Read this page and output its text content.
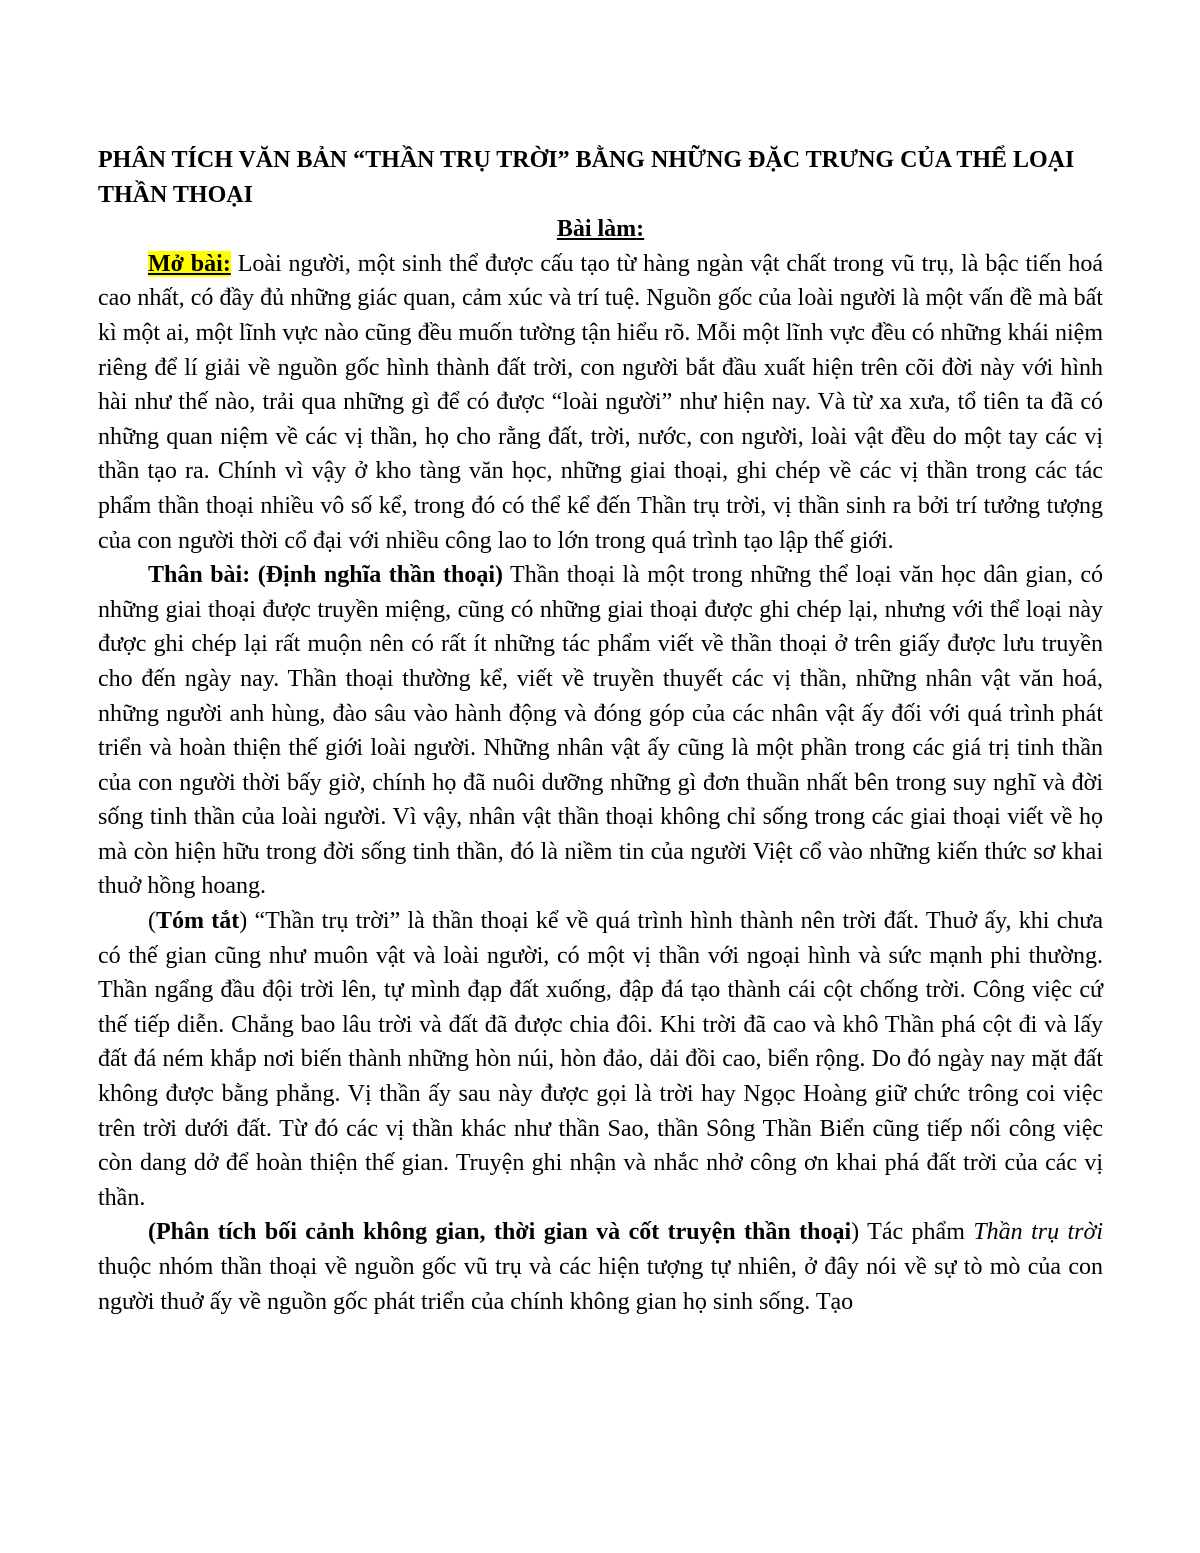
PHÂN TÍCH VĂN BẢN “THẦN TRỤ TRỜI” BẰNG NHỮNG ĐẶC TRƯNG CỦA THỂ LOẠI THẦN THOẠI
Bài làm:

Mở bài: Loài người, một sinh thể được cấu tạo từ hàng ngàn vật chất trong vũ trụ, là bậc tiến hoá cao nhất, có đầy đủ những giác quan, cảm xúc và trí tuệ. Nguồn gốc của loài người là một vấn đề mà bất kì một ai, một lĩnh vực nào cũng đều muốn tường tận hiểu rõ. Mỗi một lĩnh vực đều có những khái niệm riêng để lí giải về nguồn gốc hình thành đất trời, con người bắt đầu xuất hiện trên cõi đời này với hình hài như thế nào, trải qua những gì để có được “loài người” như hiện nay. Và từ xa xưa, tổ tiên ta đã có những quan niệm về các vị thần, họ cho rằng đất, trời, nước, con người, loài vật đều do một tay các vị thần tạo ra. Chính vì vậy ở kho tàng văn học, những giai thoại, ghi chép về các vị thần trong các tác phẩm thần thoại nhiều vô số kể, trong đó có thể kể đến Thần trụ trời, vị thần sinh ra bởi trí tưởng tượng của con người thời cổ đại với nhiều công lao to lớn trong quá trình tạo lập thế giới.

Thân bài: (Định nghĩa thần thoại) Thần thoại là một trong những thể loại văn học dân gian, có những giai thoại được truyền miệng, cũng có những giai thoại được ghi chép lại, nhưng với thể loại này được ghi chép lại rất muộn nên có rất ít những tác phẩm viết về thần thoại ở trên giấy được lưu truyền cho đến ngày nay. Thần thoại thường kể, viết về truyền thuyết các vị thần, những nhân vật văn hoá, những người anh hùng, đào sâu vào hành động và đóng góp của các nhân vật ấy đối với quá trình phát triển và hoàn thiện thế giới loài người. Những nhân vật ấy cũng là một phần trong các giá trị tinh thần của con người thời bấy giờ, chính họ đã nuôi dưỡng những gì đơn thuần nhất bên trong suy nghĩ và đời sống tinh thần của loài người. Vì vậy, nhân vật thần thoại không chỉ sống trong các giai thoại viết về họ mà còn hiện hữu trong đời sống tinh thần, đó là niềm tin của người Việt cổ vào những kiến thức sơ khai thuở hồng hoang.

(Tóm tắt) “Thần trụ trời” là thần thoại kể về quá trình hình thành nên trời đất. Thuở ấy, khi chưa có thế gian cũng như muôn vật và loài người, có một vị thần với ngoại hình và sức mạnh phi thường. Thần ngẩng đầu đội trời lên, tự mình đạp đất xuống, đập đá tạo thành cái cột chống trời. Công việc cứ thế tiếp diễn. Chẳng bao lâu trời và đất đã được chia đôi. Khi trời đã cao và khô Thần phá cột đi và lấy đất đá ném khắp nơi biến thành những hòn núi, hòn đảo, dải đồi cao, biển rộng. Do đó ngày nay mặt đất không được bằng phẳng. Vị thần ấy sau này được gọi là trời hay Ngọc Hoàng giữ chức trông coi việc trên trời dưới đất. Từ đó các vị thần khác như thần Sao, thần Sông Thần Biển cũng tiếp nối công việc còn dang dở để hoàn thiện thế gian. Truyện ghi nhận và nhắc nhở công ơn khai phá đất trời của các vị thần.

(Phân tích bối cảnh không gian, thời gian và cốt truyện thần thoại) Tác phẩm Thần trụ trời thuộc nhóm thần thoại về nguồn gốc vũ trụ và các hiện tượng tự nhiên, ở đây nói về sự tò mò của con người thuở ấy về nguồn gốc phát triển của chính không gian họ sinh sống. Tạo
